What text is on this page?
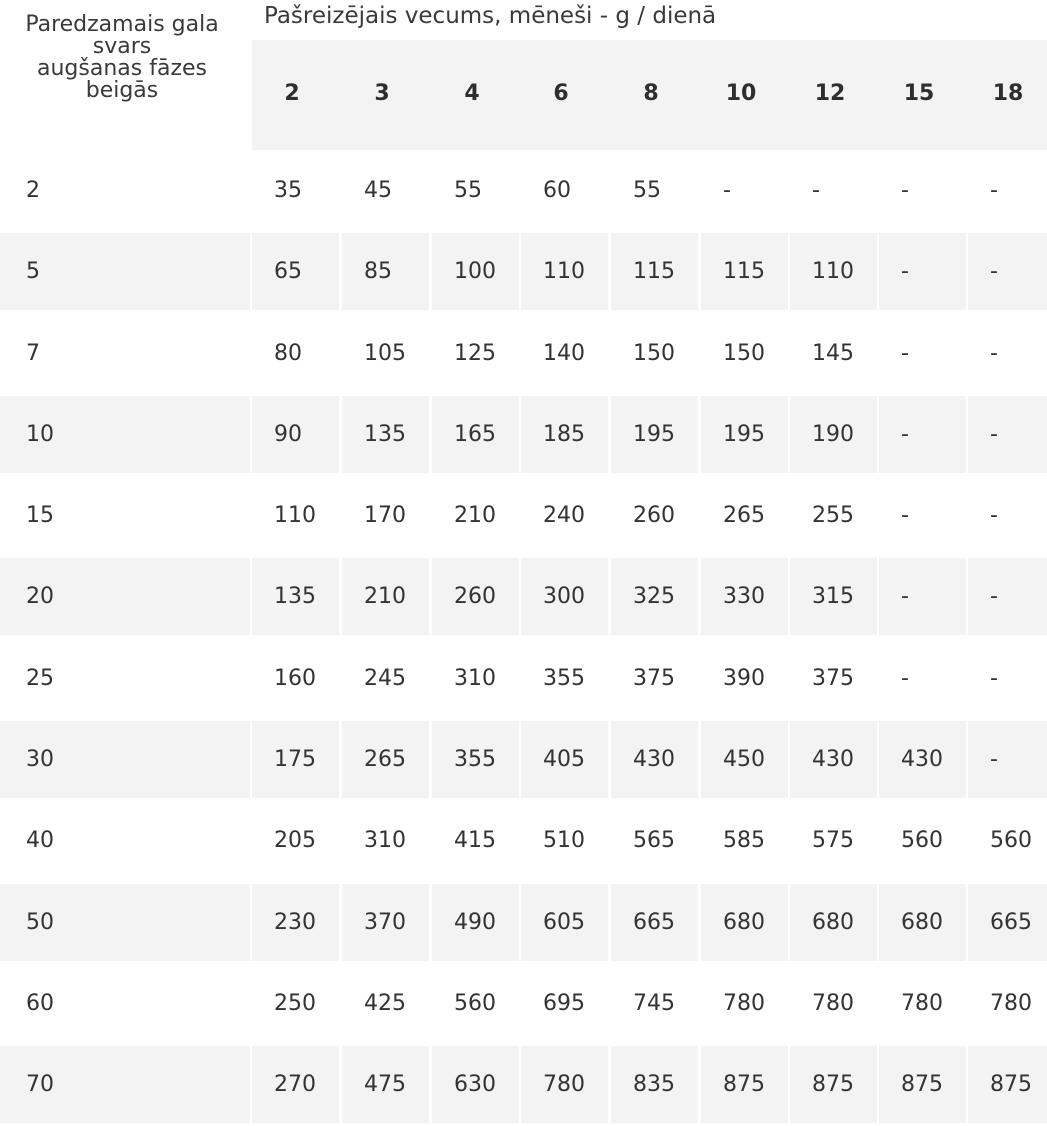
Paredzamais gala
svars
augšanas fāzes
beigās
Pašreizējais vecums, mēneši - g / dienā
2	3	4	6	8	10	12	15	18
2	35	45	55	60	55	-	-	-	-
5	65	85	100	110	115	115	110	-	-
7	80	105	125	140	150	150	145	-	-
10	90	135	165	185	195	195	190	-	-
15	110	170	210	240	260	265	255	-	-
20	135	210	260	300	325	330	315	-	-
25	160	245	310	355	375	390	375	-	-
30	175	265	355	405	430	450	430	430	-
40	205	310	415	510	565	585	575	560	560
50	230	370	490	605	665	680	680	680	665
60	250	425	560	695	745	780	780	780	780
70	270	475	630	780	835	875	875	875	875
